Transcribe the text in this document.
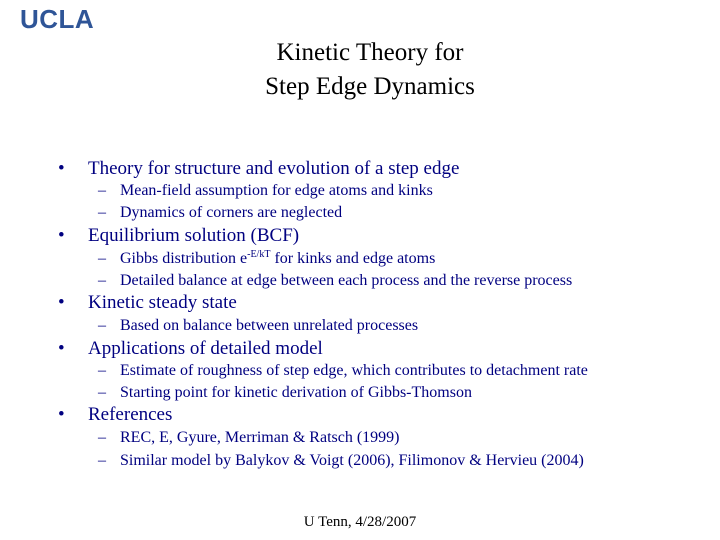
UCLA
Kinetic Theory for
Step Edge Dynamics
• Theory for structure and evolution of a step edge
– Mean-field assumption for edge atoms and kinks
– Dynamics of corners are neglected
• Equilibrium solution (BCF)
– Gibbs distribution $e^{-E/kT}$ for kinks and edge atoms
– Detailed balance at edge between each process and the reverse process
• Kinetic steady state
– Based on balance between unrelated processes
• Applications of detailed model
– Estimate of roughness of step edge, which contributes to detachment rate
– Starting point for kinetic derivation of Gibbs-Thomson
• References
– REC, E, Gyure, Merriman & Ratsch (1999)
– Similar model by Balykov & Voigt (2006), Filimonov & Hervieu (2004)
U Tenn, 4/28/2007
